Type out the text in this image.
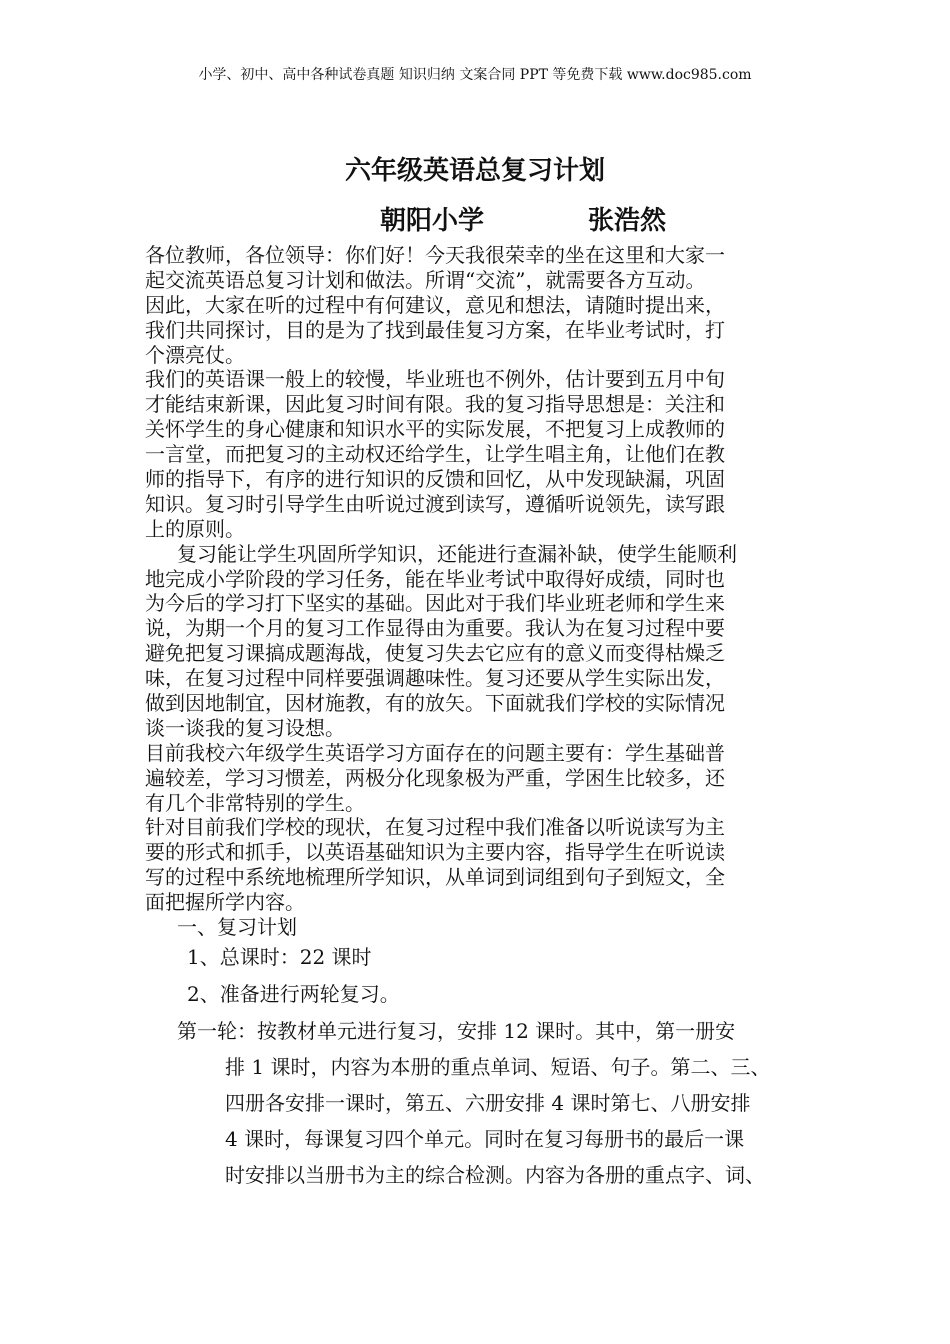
小学、初中、高中各种试卷真题 知识归纳 文案合同 PPT 等免费下载 www.doc985.com
六年级英语总复习计划
朝阳小学	张浩然
各位教师，各位领导：你们好！今天我很荣幸的坐在这里和大家一
起交流英语总复习计划和做法。所谓“交流”，就需要各方互动。
因此，大家在听的过程中有何建议，意见和想法，请随时提出来，
我们共同探讨，目的是为了找到最佳复习方案，在毕业考试时，打
个漂亮仗。
我们的英语课一般上的较慢，毕业班也不例外，估计要到五月中旬
才能结束新课，因此复习时间有限。我的复习指导思想是：关注和
关怀学生的身心健康和知识水平的实际发展，不把复习上成教师的
一言堂，而把复习的主动权还给学生，让学生唱主角，让他们在教
师的指导下，有序的进行知识的反馈和回忆，从中发现缺漏，巩固
知识。复习时引导学生由听说过渡到读写，遵循听说领先，读写跟
上的原则。
复习能让学生巩固所学知识，还能进行查漏补缺，使学生能顺利
地完成小学阶段的学习任务，能在毕业考试中取得好成绩，同时也
为今后的学习打下坚实的基础。因此对于我们毕业班老师和学生来
说，为期一个月的复习工作显得由为重要。我认为在复习过程中要
避免把复习课搞成题海战，使复习失去它应有的意义而变得枯燥乏
味，在复习过程中同样要强调趣味性。复习还要从学生实际出发，
做到因地制宜，因材施教，有的放矢。下面就我们学校的实际情况
谈一谈我的复习设想。
目前我校六年级学生英语学习方面存在的问题主要有：学生基础普
遍较差，学习习惯差，两极分化现象极为严重，学困生比较多，还
有几个非常特别的学生。
针对目前我们学校的现状，在复习过程中我们准备以听说读写为主
要的形式和抓手，以英语基础知识为主要内容，指导学生在听说读
写的过程中系统地梳理所学知识，从单词到词组到句子到短文，全
面把握所学内容。
一、复习计划
1、总课时：22 课时
2、准备进行两轮复习。
第一轮：按教材单元进行复习，安排 12 课时。其中，第一册安
排 1 课时，内容为本册的重点单词、短语、句子。第二、三、
四册各安排一课时，第五、六册安排 4 课时第七、八册安排
4 课时，每课复习四个单元。同时在复习每册书的最后一课
时安排以当册书为主的综合检测。内容为各册的重点字、词、
